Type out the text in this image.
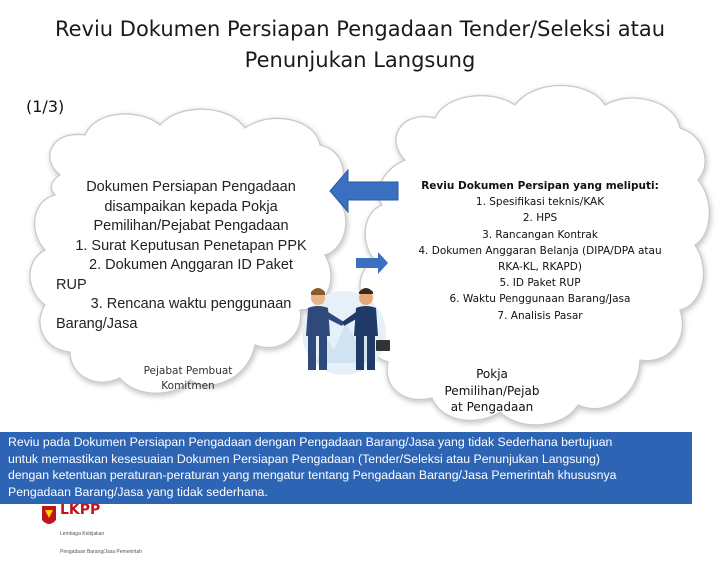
Reviu Dokumen Persiapan Pengadaan Tender/Seleksi atau
Penunjukan Langsung
(1/3)
Dokumen Persiapan Pengadaan
disampaikan kepada Pokja
Pemilihan/Pejabat Pengadaan
1. Surat Keputusan Penetapan PPK
2. Dokumen Anggaran ID Paket
RUP
3. Rencana waktu penggunaan
Barang/Jasa
Pejabat Pembuat
Komitmen
Reviu Dokumen Persipan yang meliputi:
1. Spesifikasi teknis/KAK
2. HPS
3. Rancangan Kontrak
4. Dokumen Anggaran Belanja (DIPA/DPA atau
RKA-KL, RKAPD)
5. ID Paket RUP
6. Waktu Penggunaan Barang/Jasa
7. Analisis Pasar
Pokja
Pemilihan/Pejab
at Pengadaan
Reviu pada Dokumen Persiapan Pengadaan dengan Pengadaan Barang/Jasa yang tidak Sederhana bertujuan
untuk memastikan kesesuaian Dokumen Persiapan Pengadaan (Tender/Seleksi atau Penunjukan Langsung)
dengan ketentuan peraturan-peraturan yang mengatur tentang Pengadaan Barang/Jasa Pemerintah khususnya
Pengadaan Barang/Jasa yang tidak sederhana.
LKPP

Lembaga Kebijakan

Pengadaan Barang/Jasa Pemerintah
